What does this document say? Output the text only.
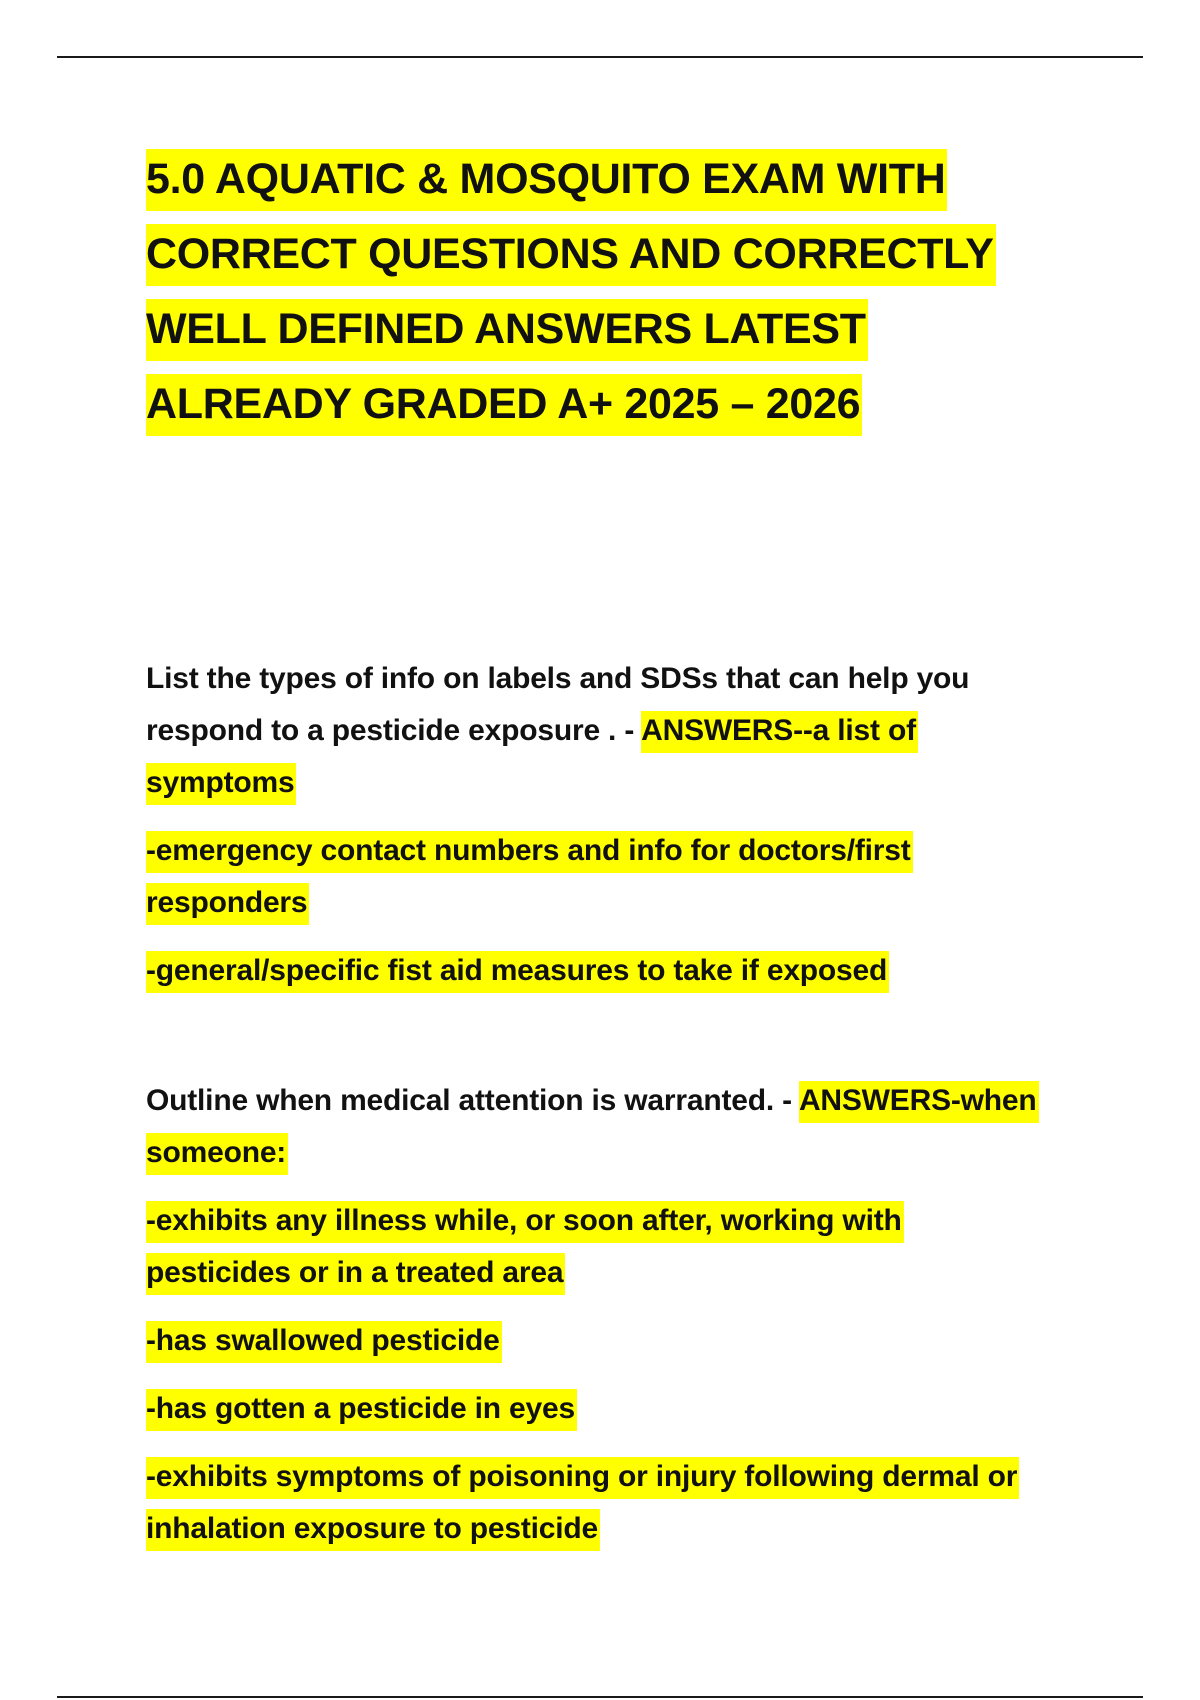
5.0 AQUATIC & MOSQUITO EXAM WITH CORRECT QUESTIONS AND CORRECTLY WELL DEFINED ANSWERS LATEST ALREADY GRADED A+ 2025 – 2026

List the types of info on labels and SDSs that can help you respond to a pesticide exposure . - ANSWERS--a list of symptoms

-emergency contact numbers and info for doctors/first responders

-general/specific fist aid measures to take if exposed

Outline when medical attention is warranted. - ANSWERS-when someone:

-exhibits any illness while, or soon after, working with pesticides or in a treated area

-has swallowed pesticide

-has gotten a pesticide in eyes

-exhibits symptoms of poisoning or injury following dermal or inhalation exposure to pesticide
